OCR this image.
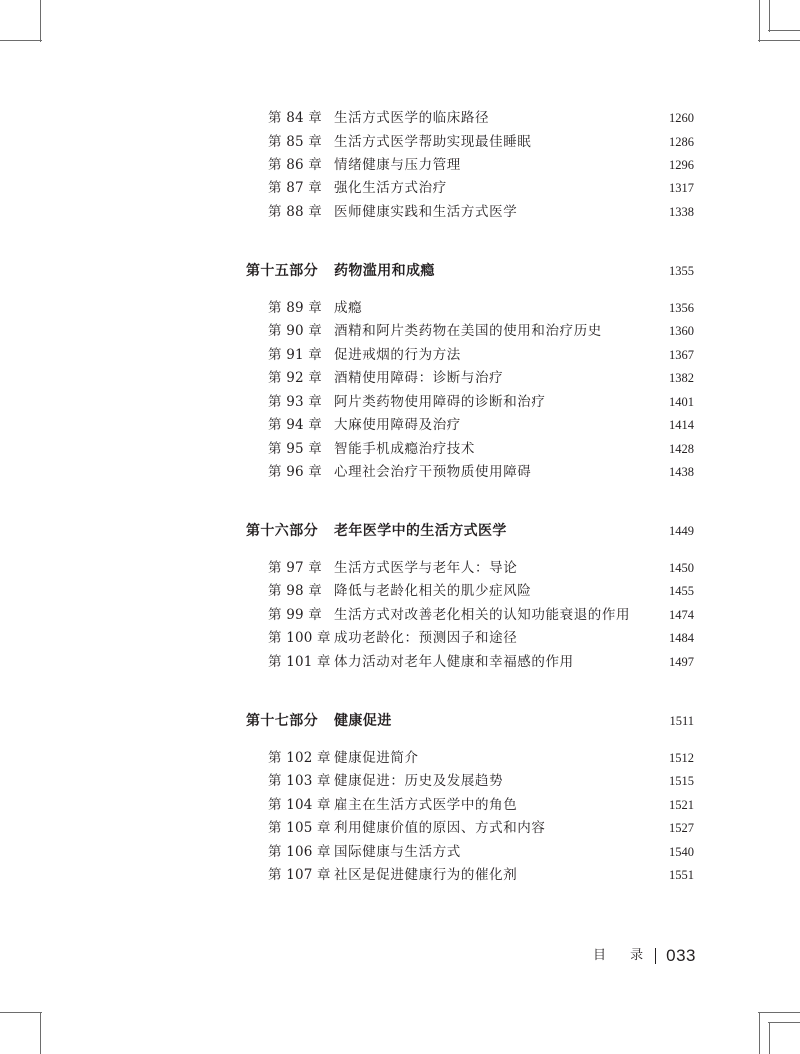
第 84 章 生活方式医学的临床路径	1260
第 85 章 生活方式医学帮助实现最佳睡眠	1286
第 86 章 情绪健康与压力管理	1296
第 87 章 强化生活方式治疗	1317
第 88 章 医师健康实践和生活方式医学	1338
第十五部分 药物滥用和成瘾	1355
第 89 章 成瘾	1356
第 90 章 酒精和阿片类药物在美国的使用和治疗历史	1360
第 91 章 促进戒烟的行为方法	1367
第 92 章 酒精使用障碍：诊断与治疗	1382
第 93 章 阿片类药物使用障碍的诊断和治疗	1401
第 94 章 大麻使用障碍及治疗	1414
第 95 章 智能手机成瘾治疗技术	1428
第 96 章 心理社会治疗干预物质使用障碍	1438
第十六部分 老年医学中的生活方式医学	1449
第 97 章 生活方式医学与老年人：导论	1450
第 98 章 降低与老龄化相关的肌少症风险	1455
第 99 章 生活方式对改善老化相关的认知功能衰退的作用	1474
第 100 章 成功老龄化：预测因子和途径	1484
第 101 章 体力活动对老年人健康和幸福感的作用	1497
第十七部分 健康促进	1511
第 102 章 健康促进简介	1512
第 103 章 健康促进：历史及发展趋势	1515
第 104 章 雇主在生活方式医学中的角色	1521
第 105 章 利用健康价值的原因、方式和内容	1527
第 106 章 国际健康与生活方式	1540
第 107 章 社区是促进健康行为的催化剂	1551
目 录 033
